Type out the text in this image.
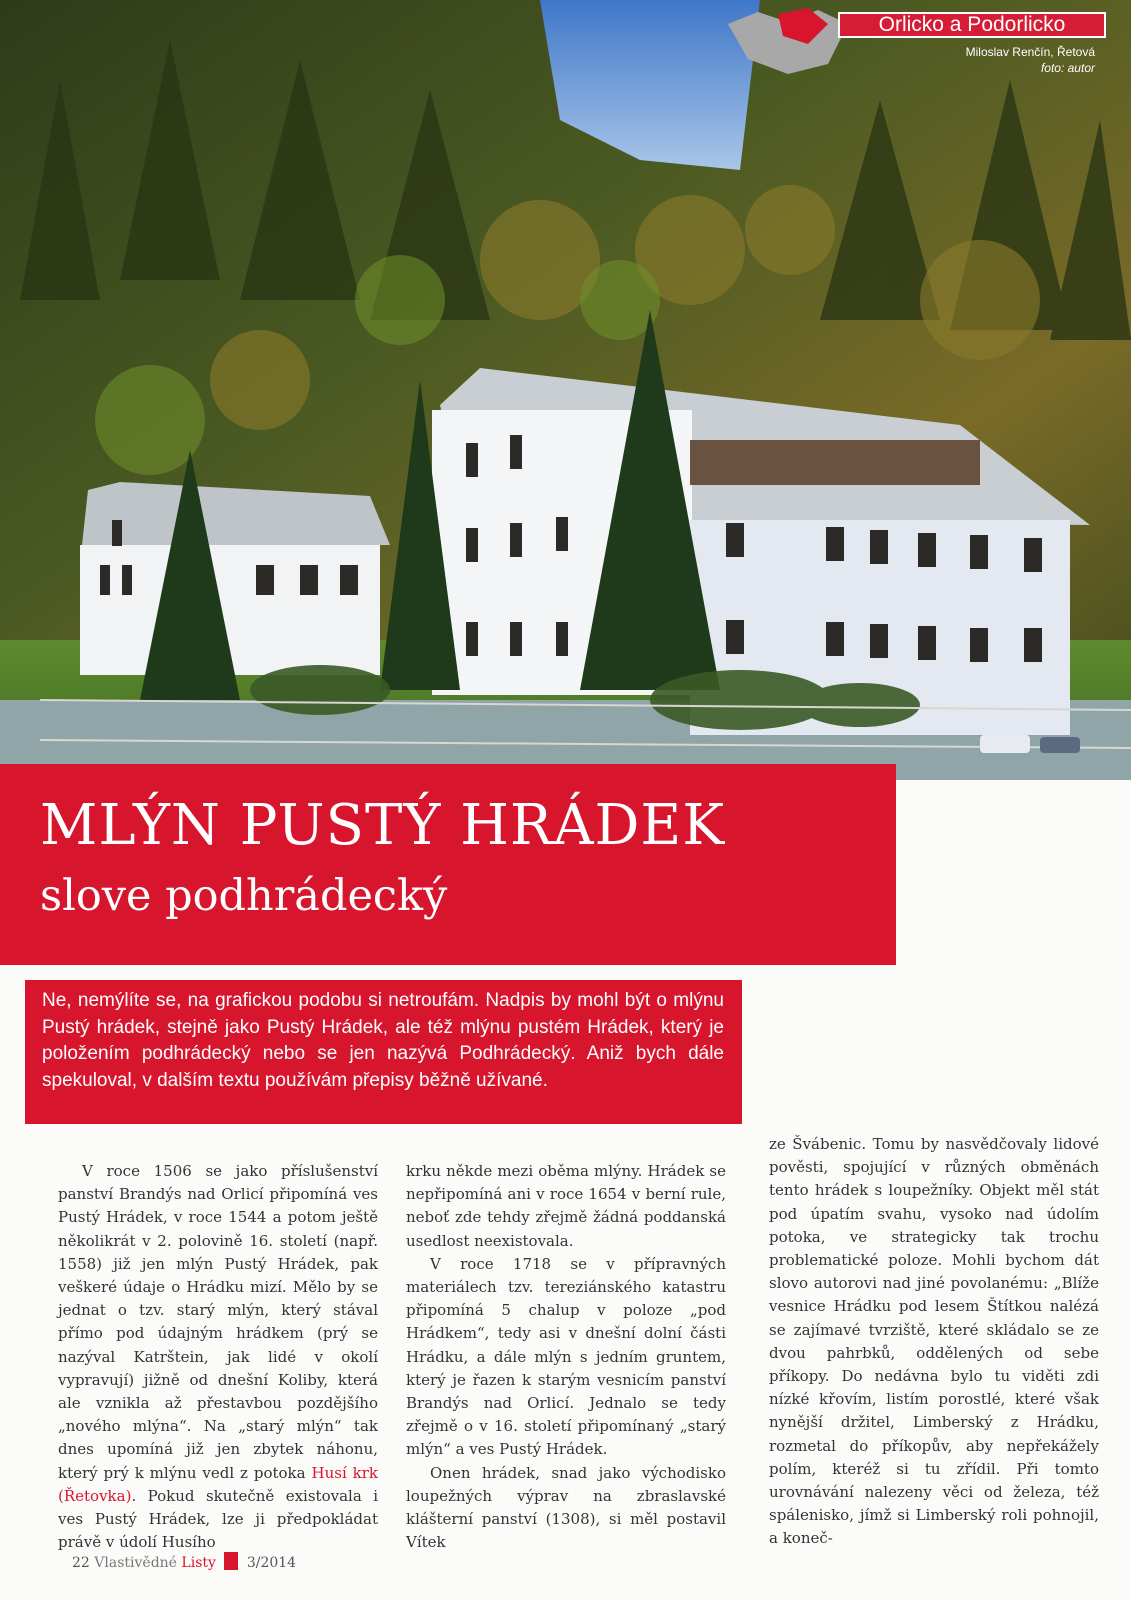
Orlicko a Podorlicko
Miloslav Renčín, Řetová
foto: autor
MLÝN PUSTÝ HRÁDEK
slove podhrádecký
Ne, nemýlíte se, na grafickou podobu si netroufám. Nadpis by mohl být o mlýnu Pustý hrádek, stejně jako Pustý Hrádek, ale též mlýnu pustém Hrádek, který je položením podhrádecký nebo se jen nazývá Podhrádecký. Aniž bych dále spekuloval, v dalším textu používám přepisy běžně užívané.

V roce 1506 se jako příslušenství panství Brandýs nad Orlicí připomíná ves Pustý Hrádek, v roce 1544 a potom ještě několikrát v 2. polovině 16. století (např. 1558) již jen mlýn Pustý Hrádek, pak veškeré údaje o Hrádku mizí. Mělo by se jednat o tzv. starý mlýn, který stával přímo pod údajným hrádkem (prý se nazýval Katrštein, jak lidé v okolí vypravují) jižně od dnešní Koliby, která ale vznikla až přestavbou pozdějšího „nového mlýna“. Na „starý mlýn“ tak dnes upomíná již jen zbytek náhonu, který prý k mlýnu vedl z potoka Husí krk (Řetovka). Pokud skutečně existovala i ves Pustý Hrádek, lze ji předpokládat právě v údolí Husího

krku někde mezi oběma mlýny. Hrádek se nepřipomíná ani v roce 1654 v berní rule, neboť zde tehdy zřejmě žádná poddanská usedlost neexistovala.

V roce 1718 se v přípravných materiálech tzv. tereziánského katastru připomíná 5 chalup v poloze „pod Hrádkem“, tedy asi v dnešní dolní části Hrádku, a dále mlýn s jedním gruntem, který je řazen k starým vesnicím panství Brandýs nad Orlicí. Jednalo se tedy zřejmě o v 16. století připomínaný „starý mlýn“ a ves Pustý Hrádek.

Onen hrádek, snad jako východisko loupežných výprav na zbraslavské klášterní panství (1308), si měl postavil Vítek

ze Švábenic. Tomu by nasvědčovaly lidové pověsti, spojující v různých obměnách tento hrádek s loupežníky. Objekt měl stát pod úpatím svahu, vysoko nad údolím potoka, ve strategicky tak trochu problematické poloze. Mohli bychom dát slovo autorovi nad jiné povolanému: „Blíže vesnice Hrádku pod lesem Štítkou nalézá se zajímavé tvrziště, které skládalo se ze dvou pahrbků, oddělených od sebe příkopy. Do nedávna bylo tu viděti zdi nízké křovím, listím porostlé, které však nynější držitel, Limberský z Hrádku, rozmetal do příkopův, aby nepřekážely polím, kteréž si tu zřídil. Při tomto urovnávání nalezeny věci od železa, též spálenisko, jímž si Limberský roli pohnojil, a koneč-

22 Vlastivědné Listy 3/2014
